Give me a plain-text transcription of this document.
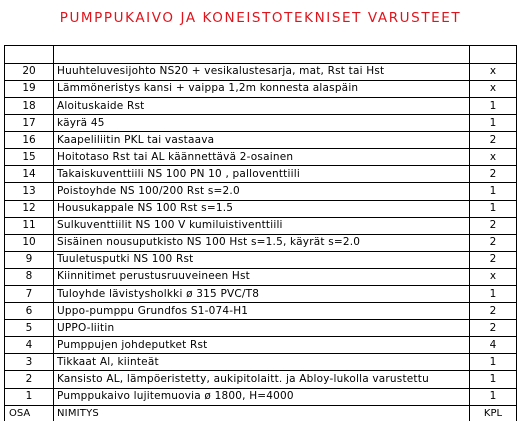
PUMPPUKAIVO JA KONEISTOTEKNISET VARUSTEET

20	Huuhteluvesijohto NS20 + vesikalustesarja, mat, Rst tai Hst	x
19	Lämmöneristys kansi + vaippa 1,2m konnesta alaspäin	x
18	Aloituskaide Rst	1
17	käyrä 45	1
16	Kaapeliliitin PKL tai vastaava	2
15	Hoitotaso Rst tai AL käännettävä 2-osainen	x
14	Takaiskuventtiili NS 100 PN 10 , palloventtiili	2
13	Poistoyhde NS 100/200 Rst s=2.0	1
12	Housukappale NS 100 Rst s=1.5	1
11	Sulkuventtiilit NS 100 V kumiluistiventtiili	2
10	Sisäinen nousuputkisto NS 100 Hst s=1.5, käyrät s=2.0	2
9	Tuuletusputki NS 100 Rst	2
8	Kiinnitimet perustusruuveineen Hst	x
7	Tuloyhde lävistysholkki ø 315 PVC/T8	1
6	Uppo-pumppu Grundfos S1-074-H1	2
5	UPPO-liitin	2
4	Pumppujen johdeputket Rst	4
3	Tikkaat Al, kiinteät	1
2	Kansisto AL, lämpöeristetty, aukipitolaitt. ja Abloy-lukolla varustettu	1
1	Pumppukaivo lujitemuovia ø 1800, H=4000	1
OSA	NIMITYS	KPL
